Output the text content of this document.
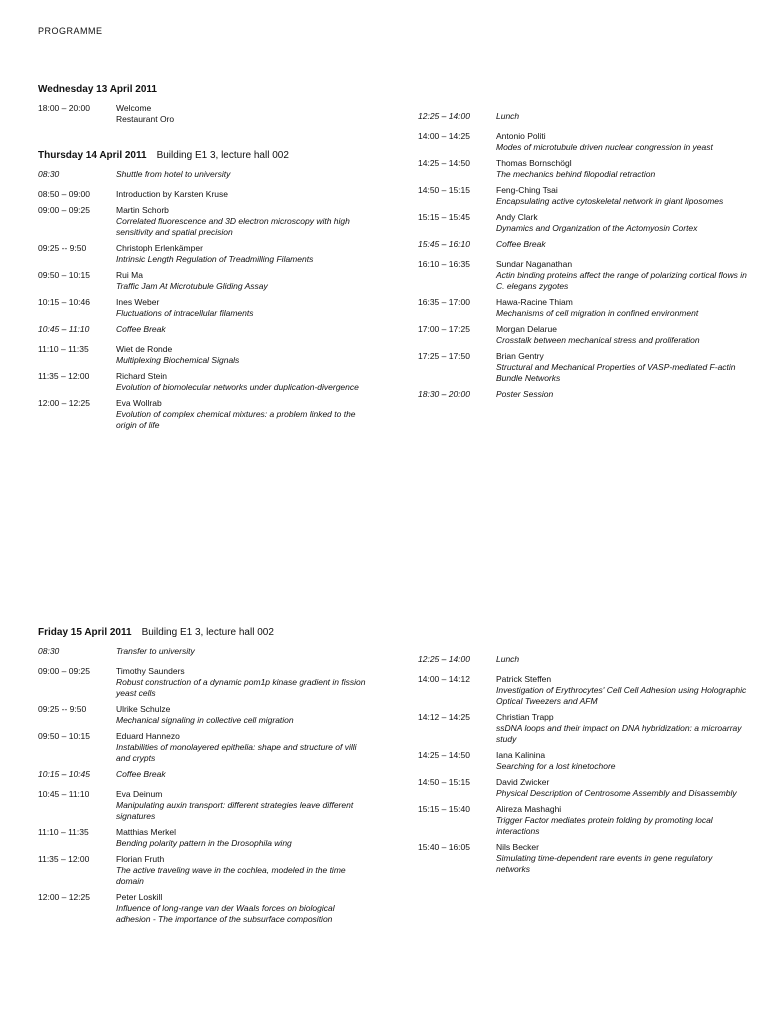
PROGRAMME
Wednesday 13 April 2011
18:00 – 20:00	Welcome
Restaurant Oro
Thursday 14 April 2011 Building E1 3, lecture hall 002
08:30	Shuttle from hotel to university
08:50 – 09:00	Introduction by Karsten Kruse
09:00 – 09:25	Martin Schorb
Correlated fluorescence and 3D electron microscopy with high sensitivity and spatial precision
09:25 -- 9:50	Christoph Erlenkämper
Intrinsic Length Regulation of Treadmilling Filaments
09:50 – 10:15	Rui Ma
Traffic Jam At Microtubule Gliding Assay
10:15 – 10:46	Ines Weber
Fluctuations of intracellular filaments
10:45 – 11:10	Coffee Break
11:10 – 11:35	Wiet de Ronde
Multiplexing Biochemical Signals
11:35 – 12:00	Richard Stein
Evolution of biomolecular networks under duplication-divergence
12:00 – 12:25	Eva Wollrab
Evolution of complex chemical mixtures: a problem linked to the origin of life
12:25 – 14:00	Lunch
14:00 – 14:25	Antonio Politi
Modes of microtubule driven nuclear congression in yeast
14:25 – 14:50	Thomas Bornschögl
The mechanics behind filopodial retraction
14:50 – 15:15	Feng-Ching Tsai
Encapsulating active cytoskeletal network in giant liposomes
15:15 – 15:45	Andy Clark
Dynamics and Organization of the Actomyosin Cortex
15:45 – 16:10	Coffee Break
16:10 – 16:35	Sundar Naganathan
Actin binding proteins affect the range of polarizing cortical flows in C. elegans zygotes
16:35 – 17:00	Hawa-Racine Thiam
Mechanisms of cell migration in confined environment
17:00 – 17:25	Morgan Delarue
Crosstalk between mechanical stress and proliferation
17:25 – 17:50	Brian Gentry
Structural and Mechanical Properties of VASP-mediated F-actin Bundle Networks
18:30 – 20:00	Poster Session
Friday 15 April 2011 Building E1 3, lecture hall 002
08:30	Transfer to university
09:00 – 09:25	Timothy Saunders
Robust construction of a dynamic pom1p kinase gradient in fission yeast cells
09:25 -- 9:50	Ulrike Schulze
Mechanical signaling in collective cell migration
09:50 – 10:15	Eduard Hannezo
Instabilities of monolayered epithelia: shape and structure of villi and crypts
10:15 – 10:45	Coffee Break
10:45 – 11:10	Eva Deinum
Manipulating auxin transport: different strategies leave different signatures
11:10 – 11:35	Matthias Merkel
Bending polarity pattern in the Drosophila wing
11:35 – 12:00	Florian Fruth
The active traveling wave in the cochlea, modeled in the time domain
12:00 – 12:25	Peter Loskill
Influence of long-range van der Waals forces on biological adhesion - The importance of the subsurface composition
12:25 – 14:00	Lunch
14:00 – 14:12	Patrick Steffen
Investigation of Erythrocytes' Cell Cell Adhesion using Holographic Optical Tweezers and AFM
14:12 – 14:25	Christian Trapp
ssDNA loops and their impact on DNA hybridization: a microarray study
14:25 – 14:50	Iana Kalinina
Searching for a lost kinetochore
14:50 – 15:15	David Zwicker
Physical Description of Centrosome Assembly and Disassembly
15:15 – 15:40	Alireza Mashaghi
Trigger Factor mediates protein folding by promoting local interactions
15:40 – 16:05	Nils Becker
Simulating time-dependent rare events in gene regulatory networks
